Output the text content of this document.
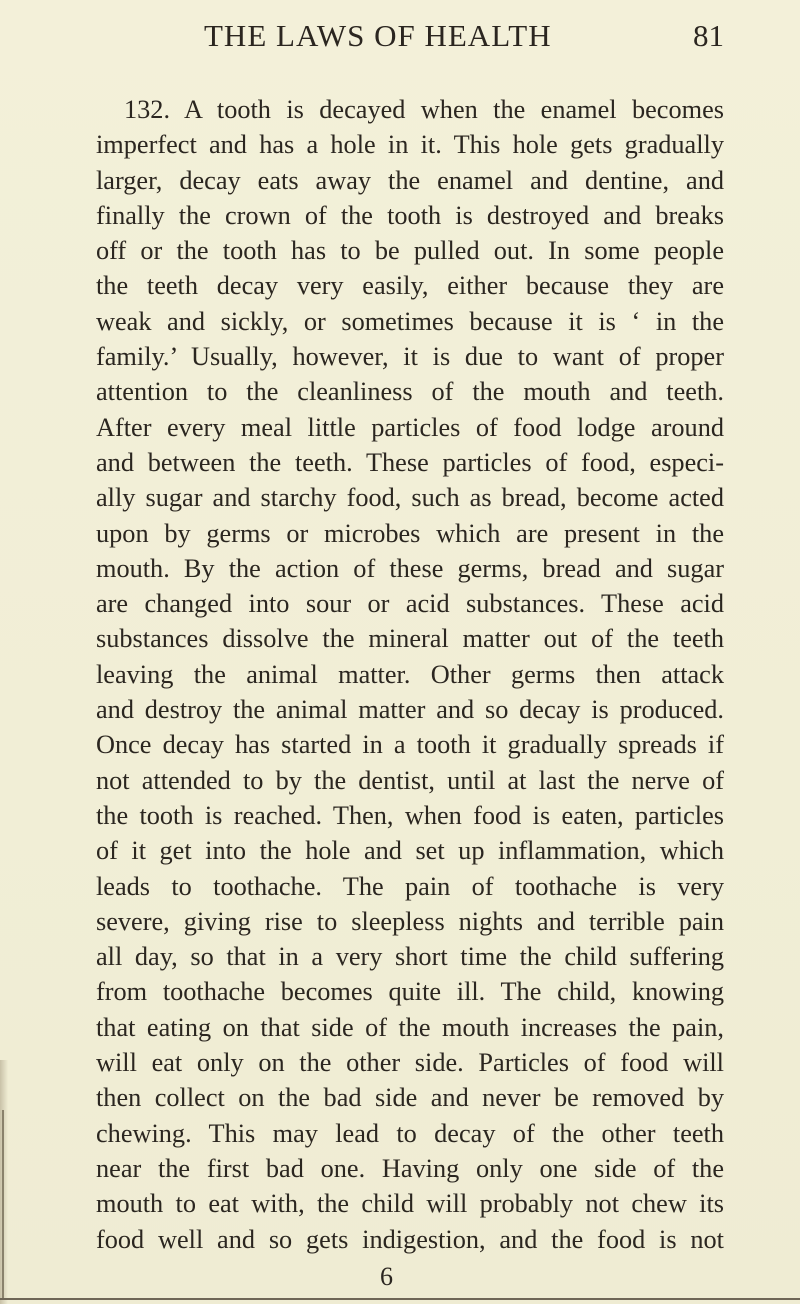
THE LAWS OF HEALTH	81
132. A tooth is decayed when the enamel becomes
imperfect and has a hole in it. This hole gets gradually
larger, decay eats away the enamel and dentine, and
finally the crown of the tooth is destroyed and breaks
off or the tooth has to be pulled out. In some people
the teeth decay very easily, either because they are
weak and sickly, or sometimes because it is ‘ in the
family.’ Usually, however, it is due to want of proper
attention to the cleanliness of the mouth and teeth.
After every meal little particles of food lodge around
and between the teeth. These particles of food, especi-
ally sugar and starchy food, such as bread, become acted
upon by germs or microbes which are present in the
mouth. By the action of these germs, bread and sugar
are changed into sour or acid substances. These acid
substances dissolve the mineral matter out of the teeth
leaving the animal matter. Other germs then attack
and destroy the animal matter and so decay is produced.
Once decay has started in a tooth it gradually spreads if
not attended to by the dentist, until at last the nerve of
the tooth is reached. Then, when food is eaten, particles
of it get into the hole and set up inflammation, which
leads to toothache. The pain of toothache is very
severe, giving rise to sleepless nights and terrible pain
all day, so that in a very short time the child suffering
from toothache becomes quite ill. The child, knowing
that eating on that side of the mouth increases the pain,
will eat only on the other side. Particles of food will
then collect on the bad side and never be removed by
chewing. This may lead to decay of the other teeth
near the first bad one. Having only one side of the
mouth to eat with, the child will probably not chew its
food well and so gets indigestion, and the food is not
6
